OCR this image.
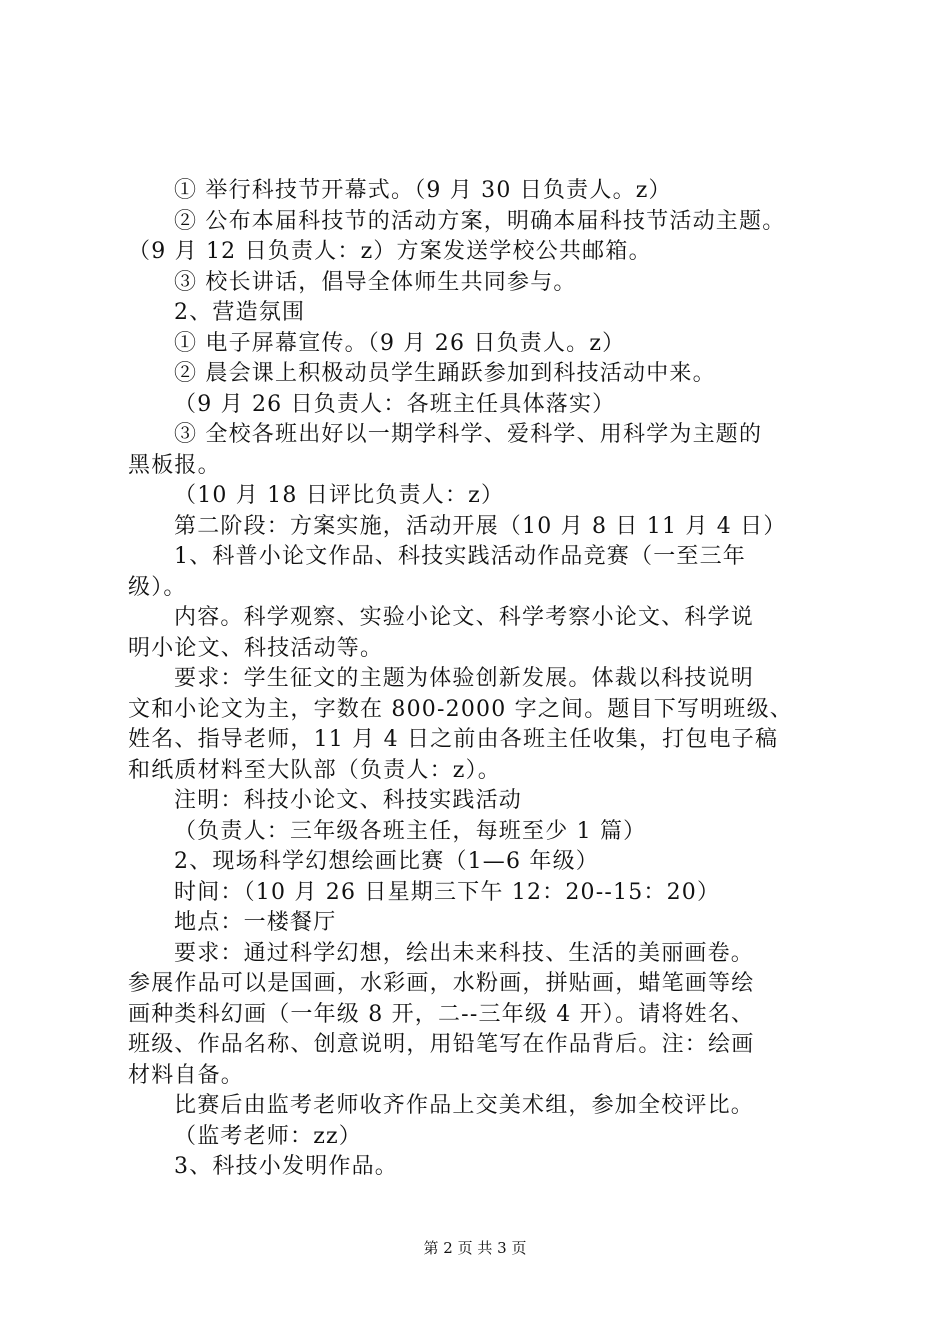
① 举行科技节开幕式。（9 月 30 日负责人。z）
② 公布本届科技节的活动方案，明确本届科技节活动主题。
（9 月 12 日负责人：z）方案发送学校公共邮箱。
③ 校长讲话，倡导全体师生共同参与。
2、营造氛围
① 电子屏幕宣传。（9 月 26 日负责人。z）
② 晨会课上积极动员学生踊跃参加到科技活动中来。
（9 月 26 日负责人：各班主任具体落实）
③ 全校各班出好以一期学科学、爱科学、用科学为主题的
黑板报。
（10 月 18 日评比负责人：z）
第二阶段：方案实施，活动开展（10 月 8 日 11 月 4 日）
1、科普小论文作品、科技实践活动作品竞赛（一至三年
级）。
内容。科学观察、实验小论文、科学考察小论文、科学说
明小论文、科技活动等。
要求：学生征文的主题为体验创新发展。体裁以科技说明
文和小论文为主，字数在 800-2000 字之间。题目下写明班级、
姓名、指导老师，11 月 4 日之前由各班主任收集，打包电子稿
和纸质材料至大队部（负责人：z）。
注明：科技小论文、科技实践活动
（负责人：三年级各班主任，每班至少 1 篇）
2、现场科学幻想绘画比赛（1—6 年级）
时间：（10 月 26 日星期三下午 12：20--15：20）
地点：一楼餐厅
要求：通过科学幻想，绘出未来科技、生活的美丽画卷。
参展作品可以是国画，水彩画，水粉画，拼贴画，蜡笔画等绘
画种类科幻画（一年级 8 开，二--三年级 4 开）。请将姓名、
班级、作品名称、创意说明，用铅笔写在作品背后。注：绘画
材料自备。
比赛后由监考老师收齐作品上交美术组，参加全校评比。
（监考老师：zz）
3、科技小发明作品。
第 2 页 共 3 页
